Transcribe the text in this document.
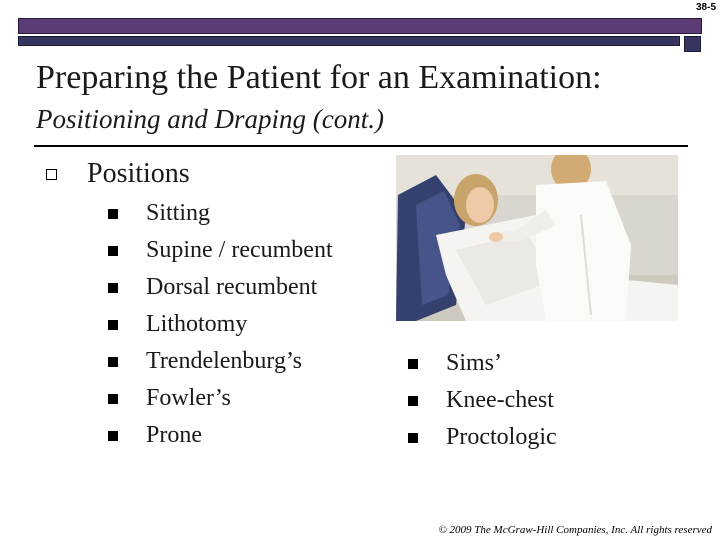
38-5
Preparing the Patient for an Examination: Positioning and Draping (cont.)
Positions
Sitting
Supine / recumbent
Dorsal recumbent
Lithotomy
Trendelenburg’s
Fowler’s
Prone
Sims’
Knee-chest
Proctologic
© 2009 The McGraw-Hill Companies, Inc. All rights reserved
